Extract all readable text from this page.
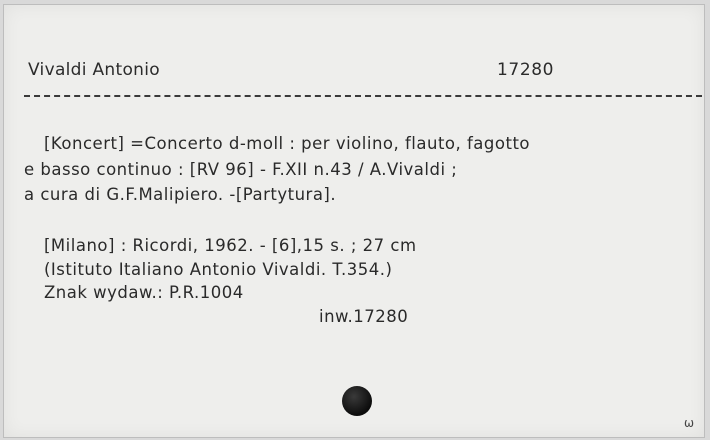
Vivaldi Antonio	17280
[Koncert] =Concerto d-moll : per violino, flauto, fagotto
e basso continuo : [RV 96] - F.XII n.43 / A.Vivaldi ;
a cura di G.F.Malipiero. -[Partytura].
[Milano] : Ricordi, 1962. - [6],15 s. ; 27 cm
(Istituto Italiano Antonio Vivaldi. T.354.)
Znak wydaw.: P.R.1004
inw.17280
ω
